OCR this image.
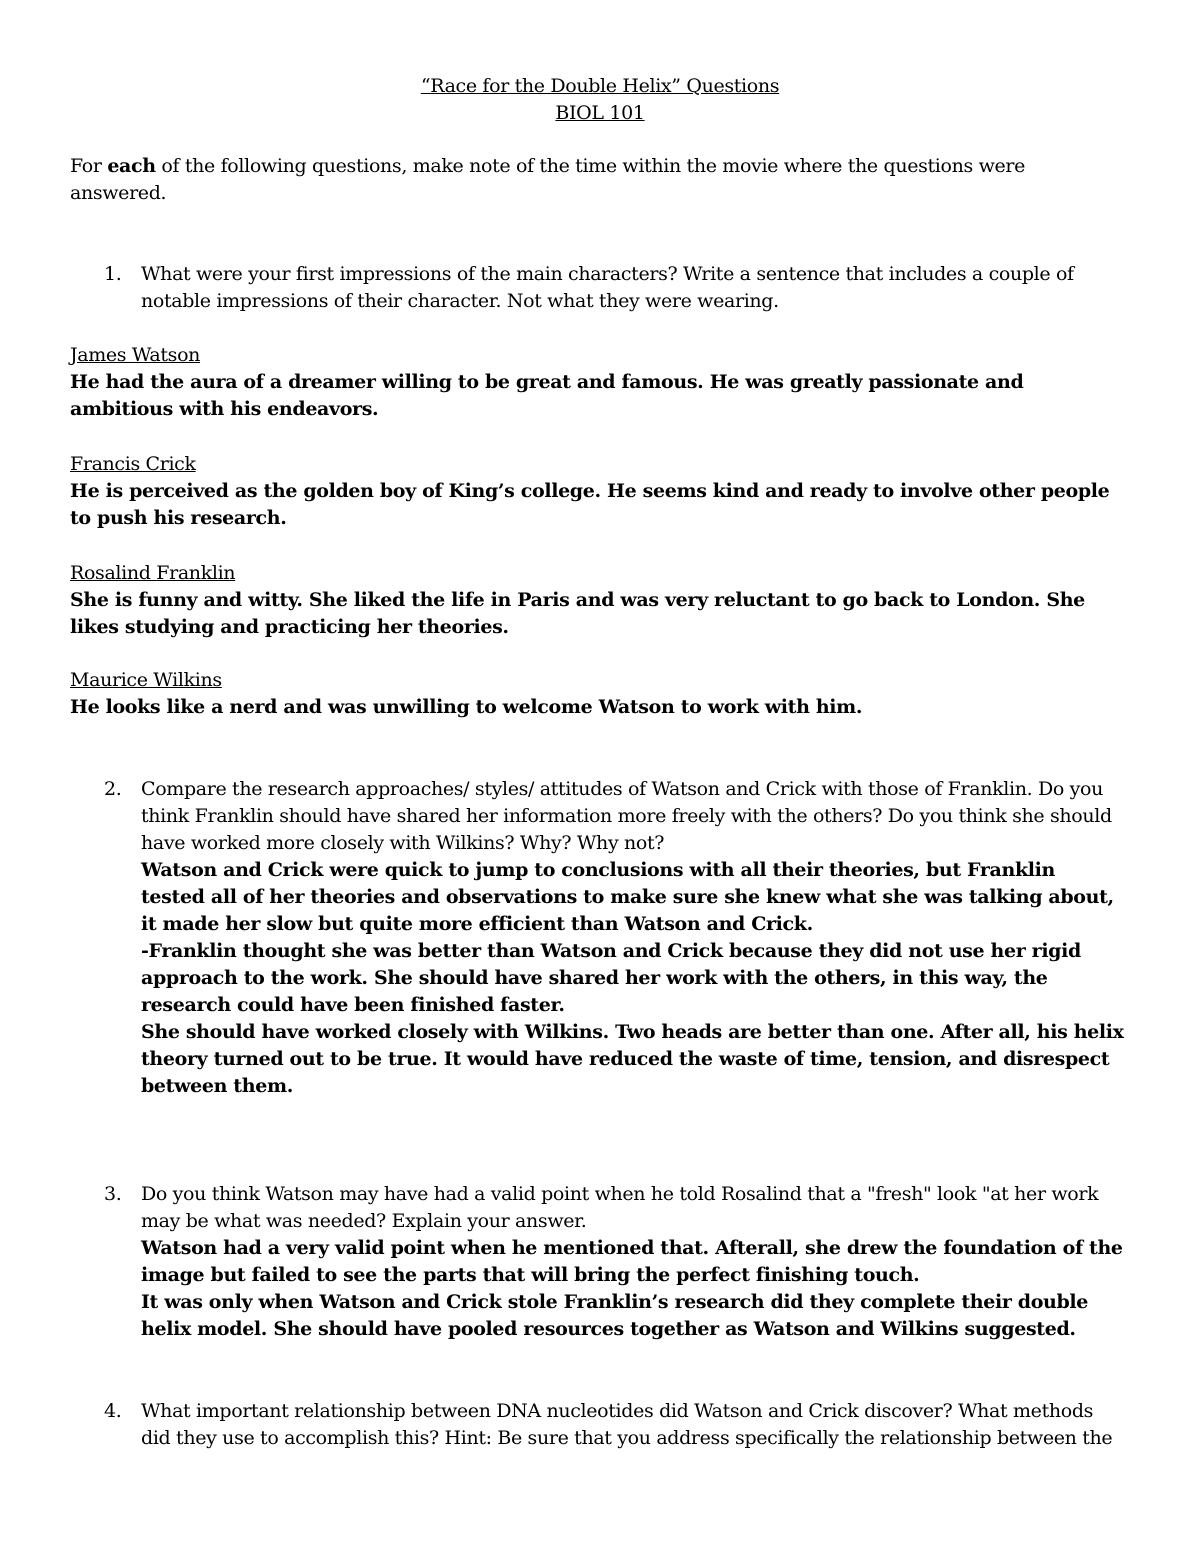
“Race for the Double Helix” Questions
BIOL 101
For each of the following questions, make note of the time within the movie where the questions were answered.
1.	What were your first impressions of the main characters? Write a sentence that includes a couple of notable impressions of their character. Not what they were wearing.
James Watson
He had the aura of a dreamer willing to be great and famous. He was greatly passionate and ambitious with his endeavors.
Francis Crick
He is perceived as the golden boy of King’s college. He seems kind and ready to involve other people to push his research.
Rosalind Franklin
She is funny and witty. She liked the life in Paris and was very reluctant to go back to London. She likes studying and practicing her theories.
Maurice Wilkins
He looks like a nerd and was unwilling to welcome Watson to work with him.
2.	Compare the research approaches/ styles/ attitudes of Watson and Crick with those of Franklin. Do you think Franklin should have shared her information more freely with the others? Do you think she should have worked more closely with Wilkins? Why? Why not?
Watson and Crick were quick to jump to conclusions with all their theories, but Franklin tested all of her theories and observations to make sure she knew what she was talking about, it made her slow but quite more efficient than Watson and Crick.
-Franklin thought she was better than Watson and Crick because they did not use her rigid approach to the work. She should have shared her work with the others, in this way, the research could have been finished faster.
She should have worked closely with Wilkins. Two heads are better than one. After all, his helix theory turned out to be true. It would have reduced the waste of time, tension, and disrespect between them.
3.	Do you think Watson may have had a valid point when he told Rosalind that a "fresh" look "at her work may be what was needed? Explain your answer.
Watson had a very valid point when he mentioned that. Afterall, she drew the foundation of the image but failed to see the parts that will bring the perfect finishing touch.
It was only when Watson and Crick stole Franklin’s research did they complete their double helix model. She should have pooled resources together as Watson and Wilkins suggested.
4.	What important relationship between DNA nucleotides did Watson and Crick discover? What methods did they use to accomplish this? Hint: Be sure that you address specifically the relationship between the
